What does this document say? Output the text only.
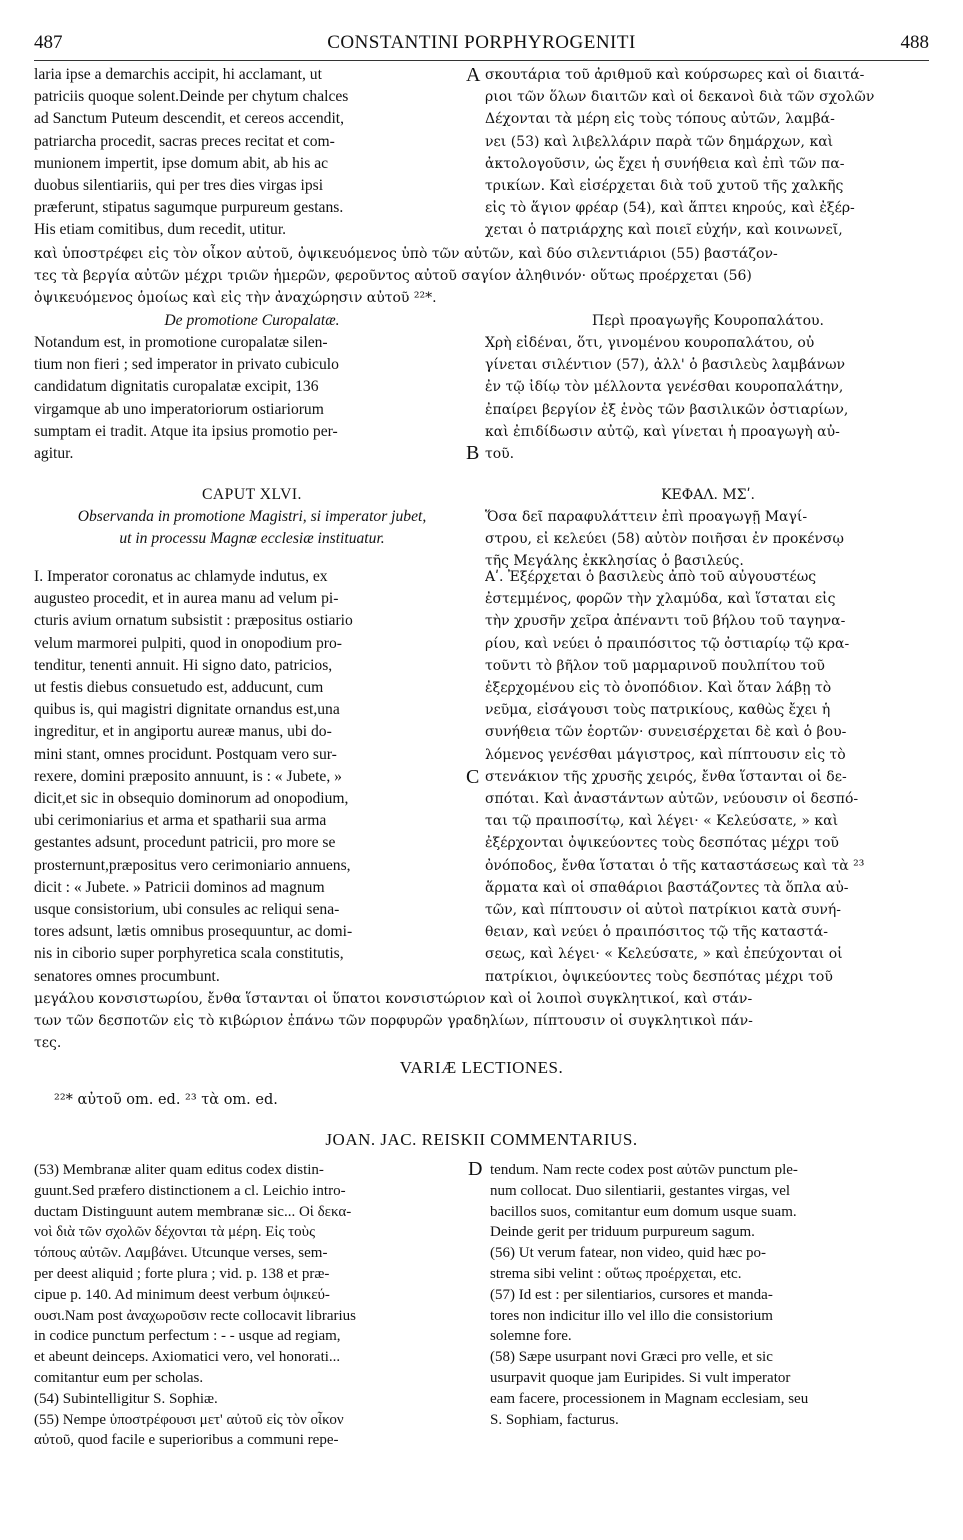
487	CONSTANTINI PORPHYROGENITI	488
laria ipse a demarchis accipit, hi acclamant, ut
patriciis quoque solent.Deinde per chytum chalces
ad Sanctum Puteum descendit, et cereos accendit,
patriarcha procedit, sacras preces recitat et com-
munionem impertit, ipse domum abit, ab his ac
duobus silentiariis, qui per tres dies virgas ipsi
præferunt, stipatus sagumque purpureum gestans.
His etiam comitibus, dum recedit, utitur.
σκουτάρια τοῦ ἀριθμοῦ καὶ κούρσωρες καὶ οἱ διαιτά-
ριοι τῶν ὅλων διαιτῶν καὶ οἱ δεκανοὶ διὰ τῶν σχολῶν
Δέχονται τὰ μέρη εἰς τοὺς τόπους αὐτῶν, λαμβά-
νει (53) καὶ λιβελλάριν παρὰ τῶν δημάρχων, καὶ
ἀκτολογοῦσιν, ὡς ἔχει ἡ συνήθεια καὶ ἐπὶ τῶν πα-
τρικίων. Καὶ εἰσέρχεται διὰ τοῦ χυτοῦ τῆς χαλκῆς
εἰς τὸ ἅγιον φρέαρ (54), καὶ ἅπτει κηρούς, καὶ ἐξέρ-
χεται ὁ πατριάρχης καὶ ποιεῖ εὐχήν, καὶ κοινωνεῖ,
A
καὶ ὑποστρέφει εἰς τὸν οἶκον αὐτοῦ, ὀψικευόμενος ὑπὸ τῶν αὐτῶν, καὶ δύο σιλεντιάριοι (55) βαστάζον-
τες τὰ βεργία αὐτῶν μέχρι τριῶν ἡμερῶν, φεροῦντος αὐτοῦ σαγίον ἀληθινόν· οὕτως προέρχεται (56)
ὀψικευόμενος ὁμοίως καὶ εἰς τὴν ἀναχώρησιν αὐτοῦ ²²*.
De promotione Curopalatæ.	Περὶ προαγωγῆς Κουροπαλάτου.
Notandum est, in promotione curopalatæ silen-
tium non fieri ; sed imperator in privato cubiculo
candidatum dignitatis curopalatæ excipit, 136
virgamque ab uno imperatoriorum ostiariorum
sumptam ei tradit. Atque ita ipsius promotio per-
agitur.
Χρὴ εἰδέναι, ὅτι, γινομένου κουροπαλάτου, οὐ
γίνεται σιλέντιον (57), ἀλλ' ὁ βασιλεὺς λαμβάνων
ἐν τῷ ἰδίῳ τὸν μέλλοντα γενέσθαι κουροπαλάτην,
ἐπαίρει βεργίον ἐξ ἑνὸς τῶν βασιλικῶν ὀστιαρίων,
καὶ ἐπιδίδωσιν αὐτῷ, καὶ γίνεται ἡ προαγωγὴ αὐ-
τοῦ.
B
CAPUT XLVI.	ΚΕΦΑΛ. ΜΣʹ.
Observanda in promotione Magistri, si imperator jubet,
ut in processu Magnæ ecclesiæ instituatur.
Ὅσα δεῖ παραφυλάττειν ἐπὶ προαγωγῇ Μαγί-
στρου, εἰ κελεύει (58) αὐτὸν ποιῆσαι ἐν προκένσῳ
τῆς Μεγάλης ἐκκλησίας ὁ βασιλεύς.
I. Imperator coronatus ac chlamyde indutus, ex
augusteo procedit, et in aurea manu ad velum pi-
cturis avium ornatum subsistit : præpositus ostiario
velum marmorei pulpiti, quod in onopodium pro-
tenditur, tenenti annuit. Hi signo dato, patricios,
ut festis diebus consuetudo est, adducunt, cum
quibus is, qui magistri dignitate ornandus est,una
ingreditur, et in angiportu aureæ manus, ubi do-
mini stant, omnes procidunt. Postquam vero sur-
rexere, domini præposito annuunt, is : « Jubete, »
dicit,et sic in obsequio dominorum ad onopodium,
ubi cerimoniarius et arma et spatharii sua arma
gestantes adsunt, procedunt patricii, pro more se
prosternunt,præpositus vero cerimoniario annuens,
dicit : « Jubete. » Patricii dominos ad magnum
usque consistorium, ubi consules ac reliqui sena-
tores adsunt, lætis omnibus prosequuntur, ac domi-
nis in ciborio super porphyretica scala constitutis,
senatores omnes procumbunt.
Αʹ. Ἐξέρχεται ὁ βασιλεὺς ἀπὸ τοῦ αὐγουστέως
ἐστεμμένος, φορῶν τὴν χλαμύδα, καὶ ἵσταται εἰς
τὴν χρυσῆν χεῖρα ἀπέναντι τοῦ βήλου τοῦ ταγηνα-
ρίου, καὶ νεύει ὁ πραιπόσιτος τῷ ὀστιαρίῳ τῷ κρα-
τοῦντι τὸ βῆλον τοῦ μαρμαρινοῦ πουλπίτου τοῦ
ἐξερχομένου εἰς τὸ ὀνοπόδιον. Καὶ ὅταν λάβῃ τὸ
νεῦμα, εἰσάγουσι τοὺς πατρικίους, καθὼς ἔχει ἡ
συνήθεια τῶν ἑορτῶν· συνεισέρχεται δὲ καὶ ὁ βου-
λόμενος γενέσθαι μάγιστρος, καὶ πίπτουσιν εἰς τὸ
στενάκιον τῆς χρυσῆς χειρός, ἔνθα ἵστανται οἱ δε-
σπόται. Καὶ ἀναστάντων αὐτῶν, νεύουσιν οἱ δεσπό-
ται τῷ πραιποσίτῳ, καὶ λέγει· « Κελεύσατε, » καὶ
ἐξέρχονται ὀψικεύοντες τοὺς δεσπότας μέχρι τοῦ
ὀνόποδος, ἔνθα ἵσταται ὁ τῆς καταστάσεως καὶ τὰ ²³
ἅρματα καὶ οἱ σπαθάριοι βαστάζοντες τὰ ὅπλα αὐ-
τῶν, καὶ πίπτουσιν οἱ αὐτοὶ πατρίκιοι κατὰ συνή-
θειαν, καὶ νεύει ὁ πραιπόσιτος τῷ τῆς καταστά-
σεως, καὶ λέγει· « Κελεύσατε, » καὶ ἐπεύχονται οἱ
πατρίκιοι, ὀψικεύοντες τοὺς δεσπότας μέχρι τοῦ
C
μεγάλου κονσιστωρίου, ἔνθα ἵστανται οἱ ὕπατοι κονσιστώριον καὶ οἱ λοιποὶ συγκλητικοί, καὶ στάν-
των τῶν δεσποτῶν εἰς τὸ κιβώριον ἐπάνω τῶν πορφυρῶν γραδηλίων, πίπτουσιν οἱ συγκλητικοὶ πάν-
τες.
VARIÆ LECTIONES.
²²* αὐτοῦ om. ed. ²³ τὰ om. ed.
JOAN. JAC. REISKII COMMENTARIUS.
(53) Membranæ aliter quam editus codex distin-
guunt.Sed præfero distinctionem a cl. Leichio intro-
ductam Distinguunt autem membranæ sic... Οἱ δεκα-
νοὶ διὰ τῶν σχολῶν δέχονται τὰ μέρη. Εἰς τοὺς
τόπους αὐτῶν. Λαμβάνει. Utcunque verses, sem-
per deest aliquid ; forte plura ; vid. p. 138 et præ-
cipue p. 140. Ad minimum deest verbum ὀψικεύ-
ουσι.Nam post ἀναχωροῦσιν recte collocavit librarius
in codice punctum perfectum : - - usque ad regiam,
et abeunt deinceps. Axiomatici vero, vel honorati...
comitantur eum per scholas.
(54) Subintelligitur S. Sophiæ.
(55) Nempe ὑποστρέφουσι μετ' αὐτοῦ εἰς τὸν οἶκον
αὐτοῦ, quod facile e superioribus a communi repe-
tendum. Nam recte codex post αὐτῶν punctum ple-
num collocat. Duo silentiarii, gestantes virgas, vel
bacillos suos, comitantur eum domum usque suam.
Deinde gerit per triduum purpureum sagum.
(56) Ut verum fatear, non video, quid hæc po-
strema sibi velint : οὕτως προέρχεται, etc.
(57) Id est : per silentiarios, cursores et manda-
tores non indicitur illo vel illo die consistorium
solemne fore.
(58) Sæpe usurpant novi Græci pro velle, et sic
usurpavit quoque jam Euripides. Si vult imperator
eam facere, processionem in Magnam ecclesiam, seu
S. Sophiam, facturus.
D
